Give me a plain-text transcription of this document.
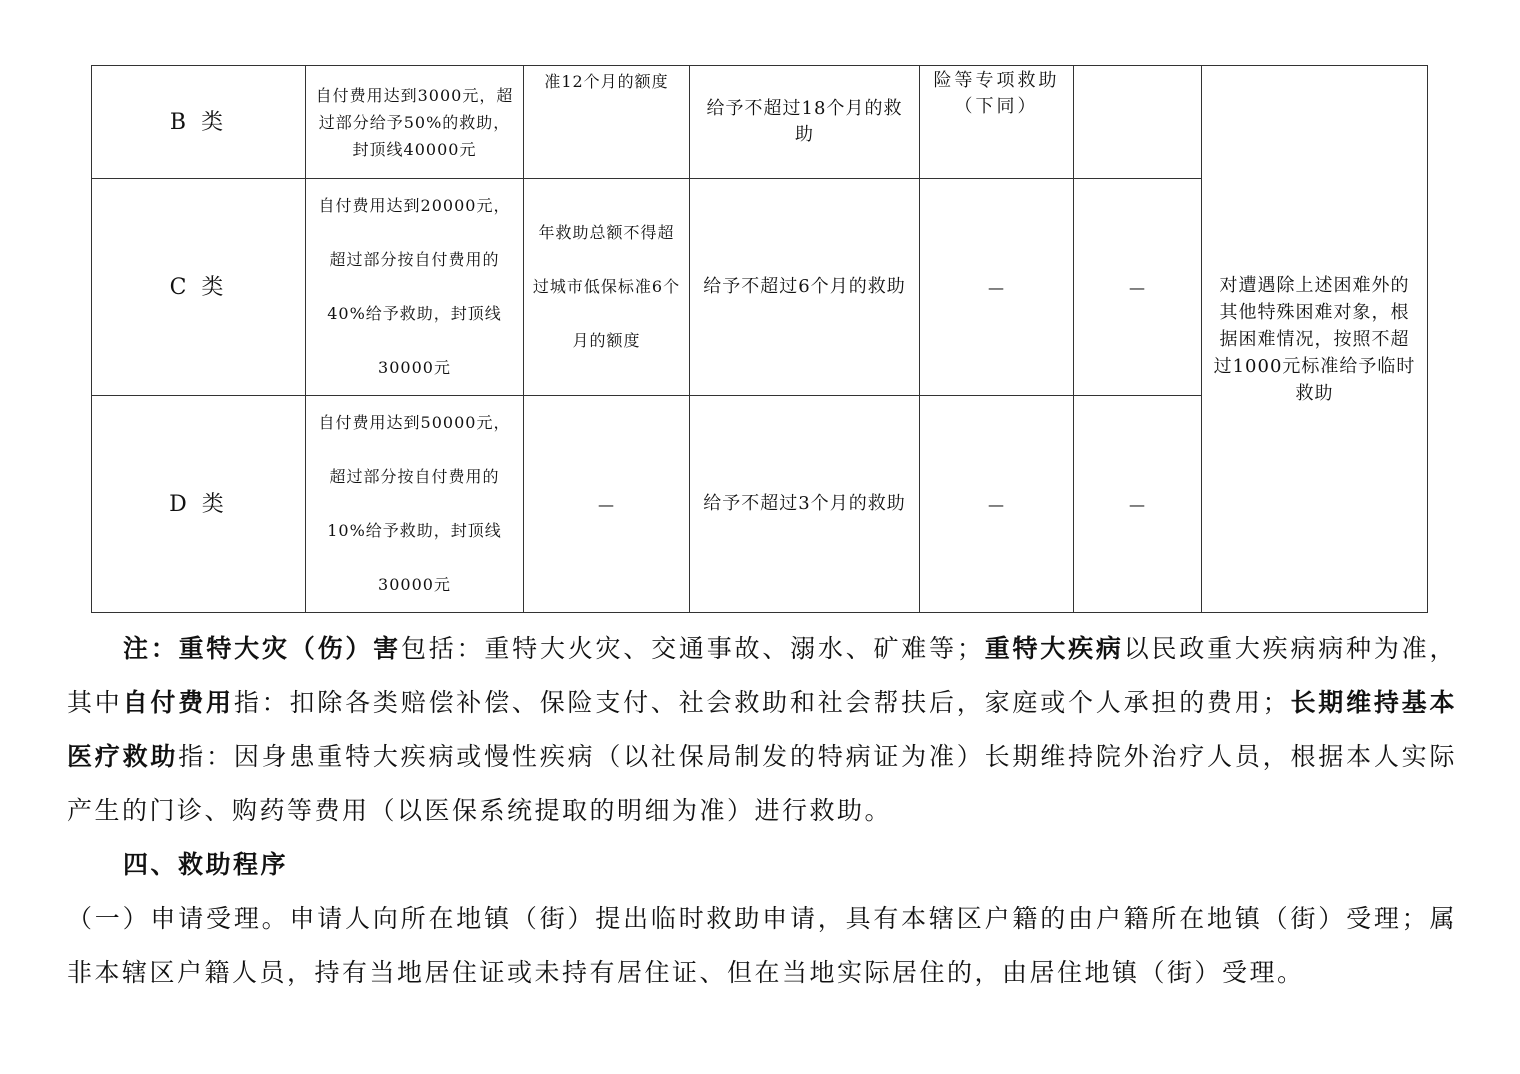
B 类	自付费用达到3000元，超过部分给予50%的救助，封顶线40000元	准12个月的额度	给予不超过18个月的救助	险等专项救助（下同）		对遭遇除上述困难外的其他特殊困难对象，根据困难情况，按照不超过1000元标准给予临时救助
C 类	自付费用达到20000元，超过部分按自付费用的40%给予救助，封顶线30000元	年救助总额不得超过城市低保标准6个月的额度	给予不超过6个月的救助	—	—	
D 类	自付费用达到50000元，超过部分按自付费用的10%给予救助，封顶线30000元	—	给予不超过3个月的救助	—	—	

注：重特大灾（伤）害包括：重特大火灾、交通事故、溺水、矿难等；重特大疾病以民政重大疾病病种为准，其中自付费用指：扣除各类赔偿补偿、保险支付、社会救助和社会帮扶后，家庭或个人承担的费用；长期维持基本医疗救助指：因身患重特大疾病或慢性疾病（以社保局制发的特病证为准）长期维持院外治疗人员，根据本人实际产生的门诊、购药等费用（以医保系统提取的明细为准）进行救助。

四、救助程序

（一）申请受理。申请人向所在地镇（街）提出临时救助申请，具有本辖区户籍的由户籍所在地镇（街）受理；属非本辖区户籍人员，持有当地居住证或未持有居住证、但在当地实际居住的，由居住地镇（街）受理。
